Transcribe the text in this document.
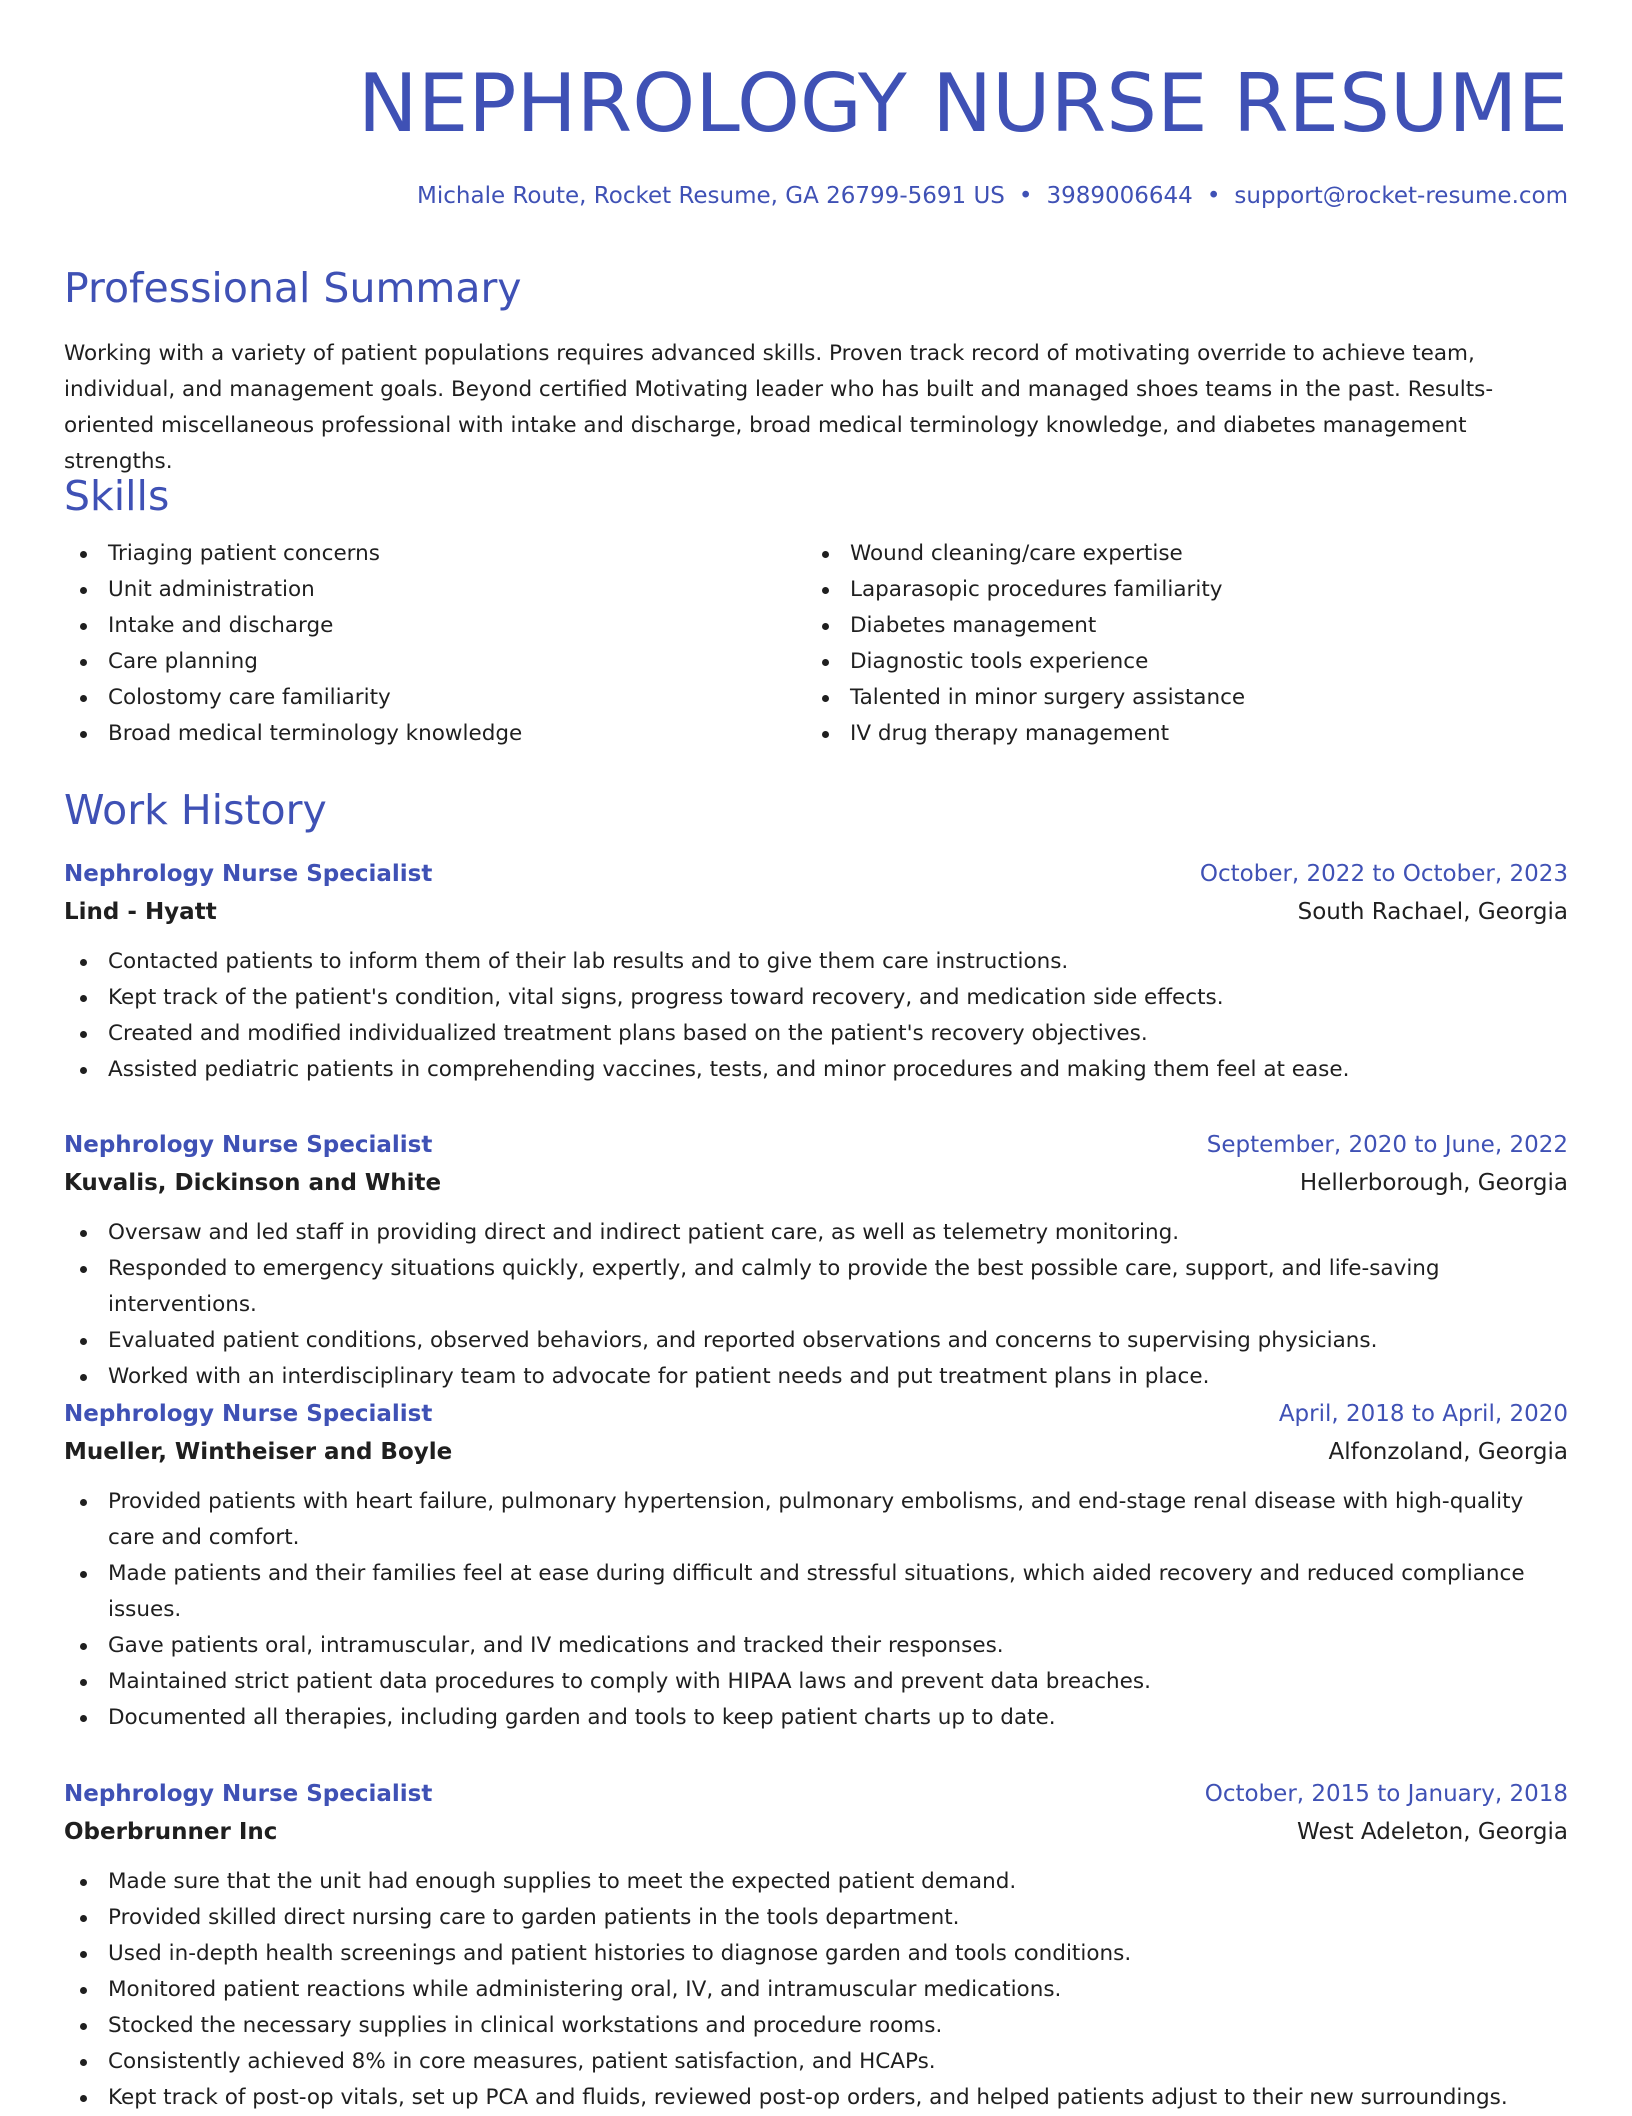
NEPHROLOGY NURSE RESUME
Michale Route, Rocket Resume, GA 26799-5691 US • 3989006644 • support@rocket-resume.com
Professional Summary

Working with a variety of patient populations requires advanced skills. Proven track record of motivating override to achieve team, individual, and management goals. Beyond certified Motivating leader who has built and managed shoes teams in the past. Results-oriented miscellaneous professional with intake and discharge, broad medical terminology knowledge, and diabetes management strengths.

Skills
Triaging patient concerns
Unit administration
Intake and discharge
Care planning
Colostomy care familiarity
Broad medical terminology knowledge
Wound cleaning/care expertise
Laparasopic procedures familiarity
Diabetes management
Diagnostic tools experience
Talented in minor surgery assistance
IV drug therapy management
Work History
Nephrology Nurse Specialist	October, 2022 to October, 2023
Lind - Hyatt	South Rachael, Georgia
Contacted patients to inform them of their lab results and to give them care instructions.
Kept track of the patient's condition, vital signs, progress toward recovery, and medication side effects.
Created and modified individualized treatment plans based on the patient's recovery objectives.
Assisted pediatric patients in comprehending vaccines, tests, and minor procedures and making them feel at ease.
Nephrology Nurse Specialist	September, 2020 to June, 2022
Kuvalis, Dickinson and White	Hellerborough, Georgia
Oversaw and led staff in providing direct and indirect patient care, as well as telemetry monitoring.
Responded to emergency situations quickly, expertly, and calmly to provide the best possible care, support, and life-saving interventions.
Evaluated patient conditions, observed behaviors, and reported observations and concerns to supervising physicians.
Worked with an interdisciplinary team to advocate for patient needs and put treatment plans in place.
Nephrology Nurse Specialist	April, 2018 to April, 2020
Mueller, Wintheiser and Boyle	Alfonzoland, Georgia
Provided patients with heart failure, pulmonary hypertension, pulmonary embolisms, and end-stage renal disease with high-quality care and comfort.
Made patients and their families feel at ease during difficult and stressful situations, which aided recovery and reduced compliance issues.
Gave patients oral, intramuscular, and IV medications and tracked their responses.
Maintained strict patient data procedures to comply with HIPAA laws and prevent data breaches.
Documented all therapies, including garden and tools to keep patient charts up to date.
Nephrology Nurse Specialist	October, 2015 to January, 2018
Oberbrunner Inc	West Adeleton, Georgia
Made sure that the unit had enough supplies to meet the expected patient demand.
Provided skilled direct nursing care to garden patients in the tools department.
Used in-depth health screenings and patient histories to diagnose garden and tools conditions.
Monitored patient reactions while administering oral, IV, and intramuscular medications.
Stocked the necessary supplies in clinical workstations and procedure rooms.
Consistently achieved 8% in core measures, patient satisfaction, and HCAPs.
Kept track of post-op vitals, set up PCA and fluids, reviewed post-op orders, and helped patients adjust to their new surroundings.
